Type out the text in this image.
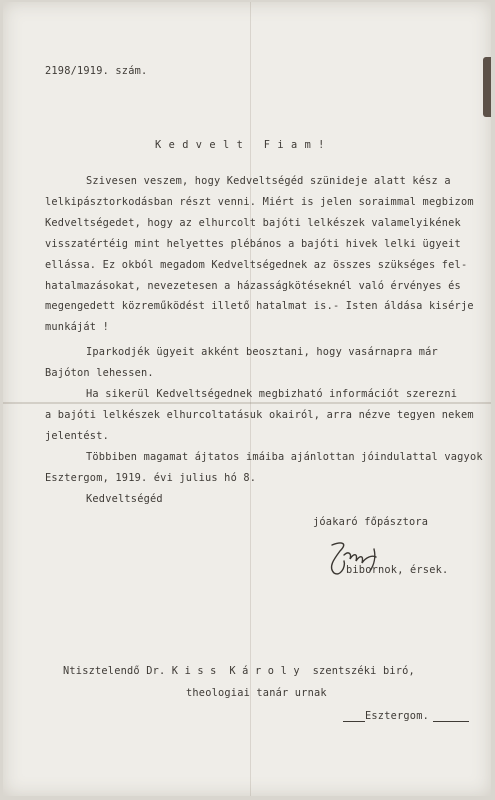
2198/1919. szám.
K e d v e l t   F i a m !
Szivesen veszem, hogy Kedveltségéd szünideje alatt kész a
lelkipásztorkodásban részt venni. Miért is jelen soraimmal megbizom
Kedveltségedet, hogy az elhurcolt bajóti lelkészek valamelyikének
visszatértéig mint helyettes plébános a bajóti hivek lelki ügyeit
ellássa. Ez okból megadom Kedveltségednek az összes szükséges fel-
hatalmazásokat, nevezetesen a házasságkötéseknél való érvényes és
megengedett közreműködést illető hatalmat is.- Isten áldása kisérje
munkáját !
Iparkodjék ügyeit akként beosztani, hogy vasárnapra már
Bajóton lehessen.
Ha sikerül Kedveltségednek megbizható információt szerezni
a bajóti lelkészek elhurcoltatásuk okairól, arra nézve tegyen nekem
jelentést.
Többiben magamat ájtatos imáiba ajánlottan jóindulattal vagyok
Esztergom, 1919. évi julius hó 8.
Kedveltségéd
jóakaró főpásztora
bibornok, érsek.
Ntisztelendő Dr. K i s s  K á r o l y  szentszéki biró,
theologiai tanár urnak
Esztergom.
